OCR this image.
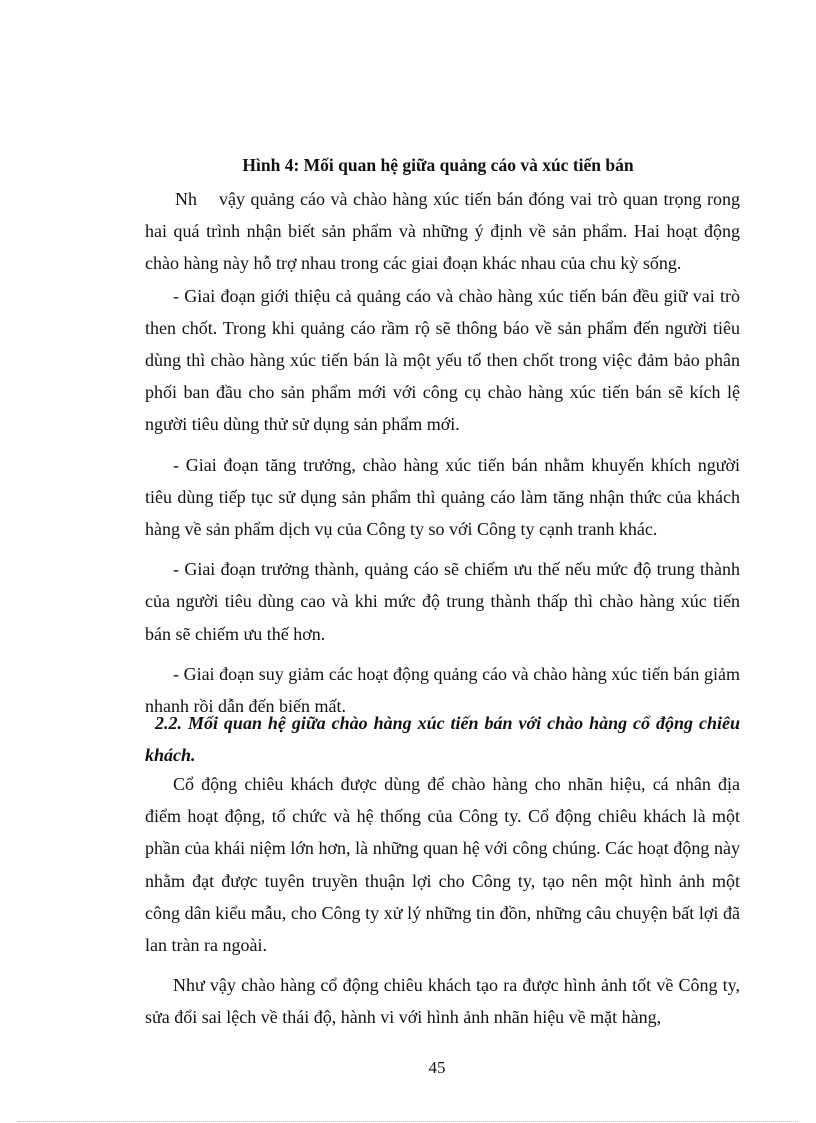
Hình 4: Mối quan hệ giữa quảng cáo và xúc tiến bán

Nh    vậy quảng cáo và chào hàng xúc tiến bán đóng vai trò quan trọng rong hai quá trình nhận biết sản phẩm và những ý định về sản phẩm. Hai hoạt động chào hàng này hỗ trợ nhau trong các giai đoạn khác nhau của chu kỳ sống.

- Giai đoạn giới thiệu cả quảng cáo và chào hàng xúc tiến bán đều giữ vai trò then chốt. Trong khi quảng cáo rầm rộ sẽ thông báo về sản phẩm đến người tiêu dùng thì chào hàng xúc tiến bán là một yếu tố then chốt trong việc đảm bảo phân phối ban đầu cho sản phẩm mới với công cụ chào hàng xúc tiến bán sẽ kích lệ người tiêu dùng thử sử dụng sản phẩm mới.

- Giai đoạn tăng trưởng, chào hàng xúc tiến bán nhằm khuyến khích người tiêu dùng tiếp tục sử dụng sản phẩm thì quảng cáo làm tăng nhận thức của khách hàng về sản phẩm dịch vụ của Công ty so với Công ty cạnh tranh khác.

- Giai đoạn trưởng thành, quảng cáo sẽ chiếm ưu thế nếu mức độ trung thành của người tiêu dùng cao và khi mức độ trung thành thấp thì chào hàng xúc tiến bán sẽ chiếm ưu thế hơn.

- Giai đoạn suy giảm các hoạt động quảng cáo và chào hàng xúc tiến bán giảm nhanh rồi dẫn đến biến mất.

2.2. Mối quan hệ giữa chào hàng xúc tiến bán với chào hàng cổ động chiêu khách.

Cổ động chiêu khách được dùng để chào hàng cho nhãn hiệu, cá nhân địa điểm hoạt động, tổ chức và hệ thống của Công ty. Cổ động chiêu khách là một phần của khái niệm lớn hơn, là những quan hệ với công chúng. Các hoạt động này nhằm đạt được tuyên truyền thuận lợi cho Công ty, tạo nên một hình ảnh một công dân kiểu mẫu, cho Công ty xử lý những tin đồn, những câu chuyện bất lợi đã lan tràn ra ngoài.

Như vậy chào hàng cổ động chiêu khách tạo ra được hình ảnh tốt về Công ty, sửa đổi sai lệch về thái độ, hành vi với hình ảnh nhãn hiệu về mặt hàng,

45
